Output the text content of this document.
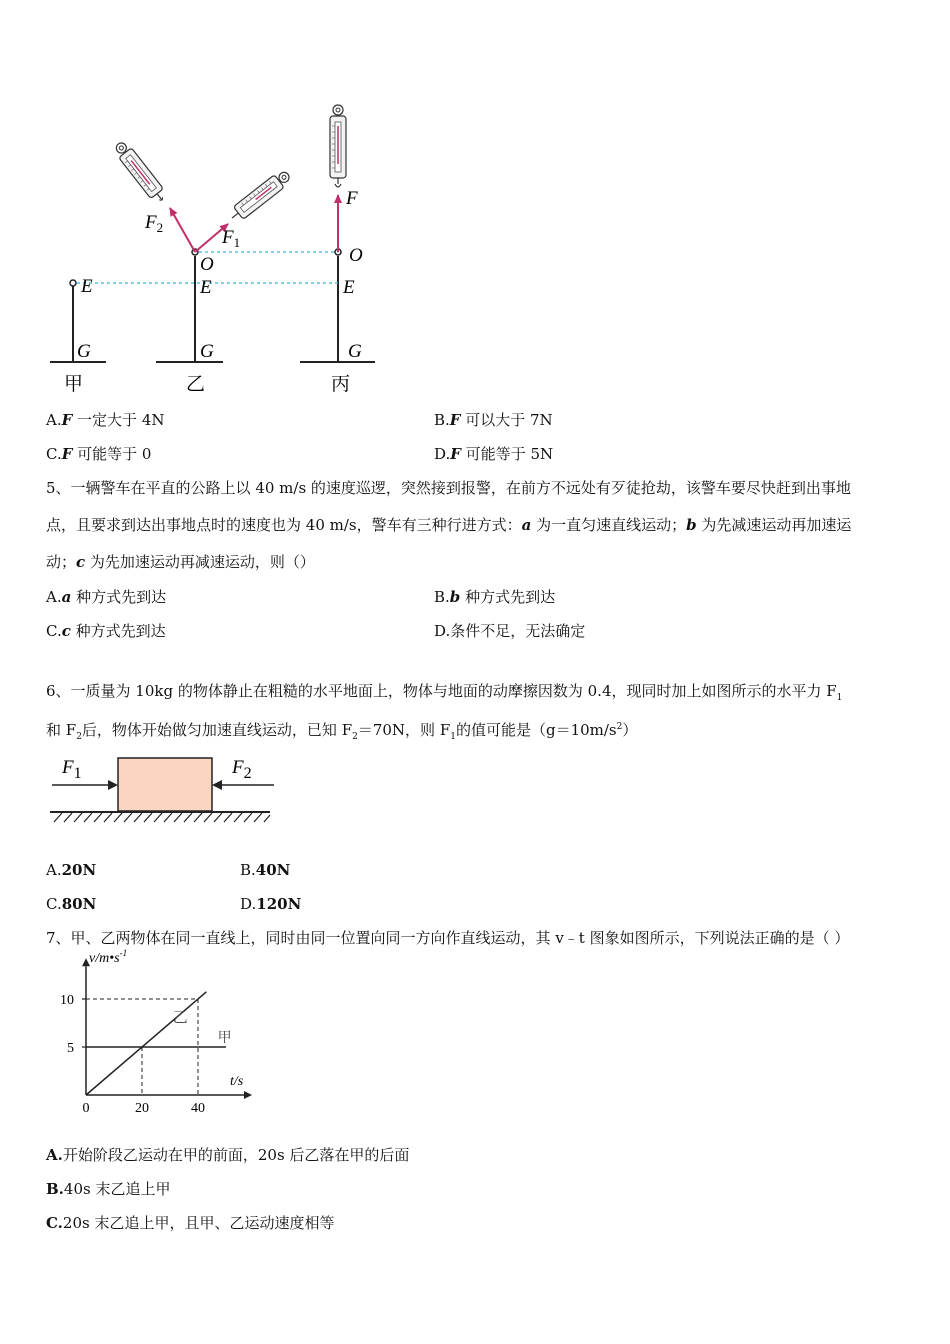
$F_2$	$F_1$
F
O	O
E	E	E
G	G	G
甲	乙	丙
A.F 一定大于 4N	B.F 可以大于 7N
C.F 可能等于 0	D.F 可能等于 5N
5、一辆警车在平直的公路上以 40 m/s 的速度巡逻，突然接到报警，在前方不远处有歹徒抢劫，该警车要尽快赶到出事地
点，且要求到达出事地点时的速度也为 40 m/s，警车有三种行进方式：a 为一直匀速直线运动；b 为先减速运动再加速运
动；c 为先加速运动再减速运动，则（）
A.a 种方式先到达	B.b 种方式先到达
C.c 种方式先到达	D.条件不足，无法确定
6、一质量为 10kg 的物体静止在粗糙的水平地面上，物体与地面的动摩擦因数为 0.4，现同时加上如图所示的水平力 $F_1$
和 $F_2$后，物体开始做匀加速直线运动，已知 $F_2=70N$，则 $F_1$的值可能是$(g=10m/s^2)$
$F_1$	$F_2$
A.20N	B.40N
C.80N	D.120N
7、甲、乙两物体在同一直线上，同时由同一位置向同一方向作直线运动，其 v﹣t 图象如图所示，下列说法正确的是（ ）
$v/m•s^{-1}$
t/s
0	20	40
5
10
甲
乙
A.开始阶段乙运动在甲的前面，20s 后乙落在甲的后面
B.40s 末乙追上甲
C.20s 末乙追上甲，且甲、乙运动速度相等
